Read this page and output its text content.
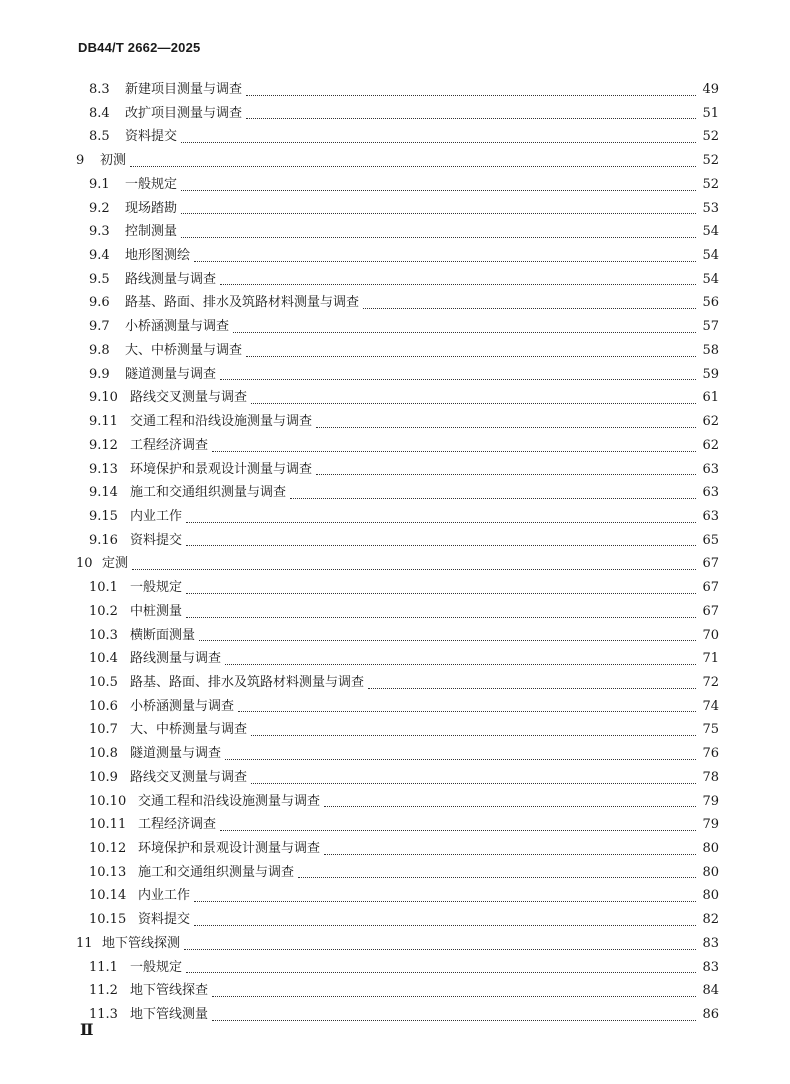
DB44/T 2662—2025
8.3 新建项目测量与调查	49
8.4 改扩项目测量与调查	51
8.5 资料提交	52
9 初测	52
9.1 一般规定	52
9.2 现场踏勘	53
9.3 控制测量	54
9.4 地形图测绘	54
9.5 路线测量与调查	54
9.6 路基、路面、排水及筑路材料测量与调查	56
9.7 小桥涵测量与调查	57
9.8 大、中桥测量与调查	58
9.9 隧道测量与调查	59
9.10 路线交叉测量与调查	61
9.11 交通工程和沿线设施测量与调查	62
9.12 工程经济调查	62
9.13 环境保护和景观设计测量与调查	63
9.14 施工和交通组织测量与调查	63
9.15 内业工作	63
9.16 资料提交	65
10 定测	67
10.1 一般规定	67
10.2 中桩测量	67
10.3 横断面测量	70
10.4 路线测量与调查	71
10.5 路基、路面、排水及筑路材料测量与调查	72
10.6 小桥涵测量与调查	74
10.7 大、中桥测量与调查	75
10.8 隧道测量与调查	76
10.9 路线交叉测量与调查	78
10.10 交通工程和沿线设施测量与调查	79
10.11 工程经济调查	79
10.12 环境保护和景观设计测量与调查	80
10.13 施工和交通组织测量与调查	80
10.14 内业工作	80
10.15 资料提交	82
11 地下管线探测	83
11.1 一般规定	83
11.2 地下管线探查	84
11.3 地下管线测量	86
Ⅱ
